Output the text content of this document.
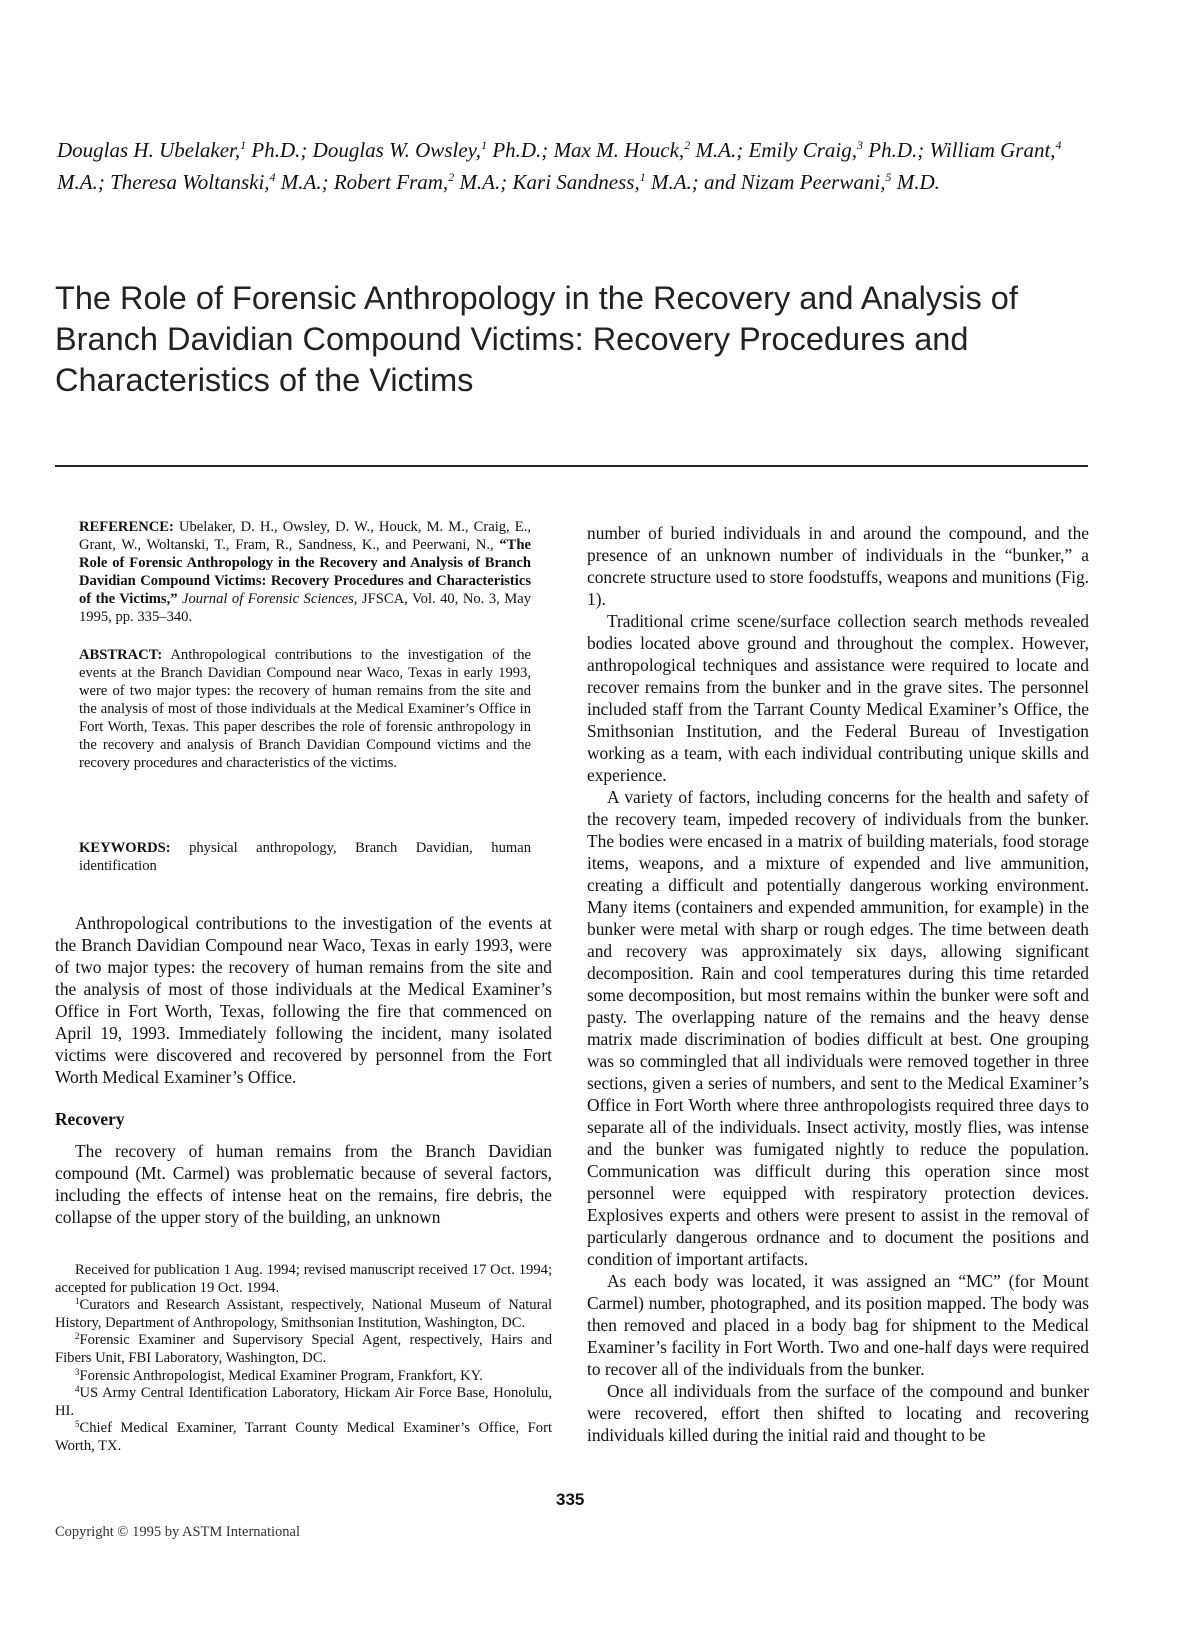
Douglas H. Ubelaker,$^1$ Ph.D.; Douglas W. Owsley,$^1$ Ph.D.; Max M. Houck,$^2$ M.A.; Emily Craig,$^3$ Ph.D.; William Grant,$^4$ M.A.; Theresa Woltanski,$^4$ M.A.; Robert Fram,$^2$ M.A.; Kari Sandness,$^1$ M.A.; and Nizam Peerwani,$^5$ M.D.
The Role of Forensic Anthropology in the Recovery and Analysis of Branch Davidian Compound Victims: Recovery Procedures and Characteristics of the Victims
REFERENCE: Ubelaker, D. H., Owsley, D. W., Houck, M. M., Craig, E., Grant, W., Woltanski, T., Fram, R., Sandness, K., and Peerwani, N., “The Role of Forensic Anthropology in the Recovery and Analysis of Branch Davidian Compound Victims: Recovery Procedures and Characteristics of the Victims,” Journal of Forensic Sciences, JFSCA, Vol. 40, No. 3, May 1995, pp. 335–340.
ABSTRACT: Anthropological contributions to the investigation of the events at the Branch Davidian Compound near Waco, Texas in early 1993, were of two major types: the recovery of human remains from the site and the analysis of most of those individuals at the Medical Examiner’s Office in Fort Worth, Texas. This paper describes the role of forensic anthropology in the recovery and analysis of Branch Davidian Compound victims and the recovery procedures and characteristics of the victims.
KEYWORDS: physical anthropology, Branch Davidian, human identification

Anthropological contributions to the investigation of the events at the Branch Davidian Compound near Waco, Texas in early 1993, were of two major types: the recovery of human remains from the site and the analysis of most of those individuals at the Medical Examiner’s Office in Fort Worth, Texas, following the fire that commenced on April 19, 1993. Immediately following the incident, many isolated victims were discovered and recovered by personnel from the Fort Worth Medical Examiner’s Office.

Recovery

The recovery of human remains from the Branch Davidian compound (Mt. Carmel) was problematic because of several factors, including the effects of intense heat on the remains, fire debris, the collapse of the upper story of the building, an unknown

Received for publication 1 Aug. 1994; revised manuscript received 17 Oct. 1994; accepted for publication 19 Oct. 1994.

$^1$Curators and Research Assistant, respectively, National Museum of Natural History, Department of Anthropology, Smithsonian Institution, Washington, DC.

$^2$Forensic Examiner and Supervisory Special Agent, respectively, Hairs and Fibers Unit, FBI Laboratory, Washington, DC.

$^3$Forensic Anthropologist, Medical Examiner Program, Frankfort, KY.

$^4$US Army Central Identification Laboratory, Hickam Air Force Base, Honolulu, HI.

$^5$Chief Medical Examiner, Tarrant County Medical Examiner’s Office, Fort Worth, TX.

number of buried individuals in and around the compound, and the presence of an unknown number of individuals in the “bunker,” a concrete structure used to store foodstuffs, weapons and munitions (Fig. 1).

Traditional crime scene/surface collection search methods revealed bodies located above ground and throughout the complex. However, anthropological techniques and assistance were required to locate and recover remains from the bunker and in the grave sites. The personnel included staff from the Tarrant County Medical Examiner’s Office, the Smithsonian Institution, and the Federal Bureau of Investigation working as a team, with each individual contributing unique skills and experience.

A variety of factors, including concerns for the health and safety of the recovery team, impeded recovery of individuals from the bunker. The bodies were encased in a matrix of building materials, food storage items, weapons, and a mixture of expended and live ammunition, creating a difficult and potentially dangerous working environment. Many items (containers and expended ammunition, for example) in the bunker were metal with sharp or rough edges. The time between death and recovery was approximately six days, allowing significant decomposition. Rain and cool temperatures during this time retarded some decomposition, but most remains within the bunker were soft and pasty. The overlapping nature of the remains and the heavy dense matrix made discrimination of bodies difficult at best. One grouping was so commingled that all individuals were removed together in three sections, given a series of numbers, and sent to the Medical Examiner’s Office in Fort Worth where three anthropologists required three days to separate all of the individuals. Insect activity, mostly flies, was intense and the bunker was fumigated nightly to reduce the population. Communication was difficult during this operation since most personnel were equipped with respiratory protection devices. Explosives experts and others were present to assist in the removal of particularly dangerous ordnance and to document the positions and condition of important artifacts.

As each body was located, it was assigned an “MC” (for Mount Carmel) number, photographed, and its position mapped. The body was then removed and placed in a body bag for shipment to the Medical Examiner’s facility in Fort Worth. Two and one-half days were required to recover all of the individuals from the bunker.

Once all individuals from the surface of the compound and bunker were recovered, effort then shifted to locating and recovering individuals killed during the initial raid and thought to be

335
Copyright © 1995 by ASTM International
